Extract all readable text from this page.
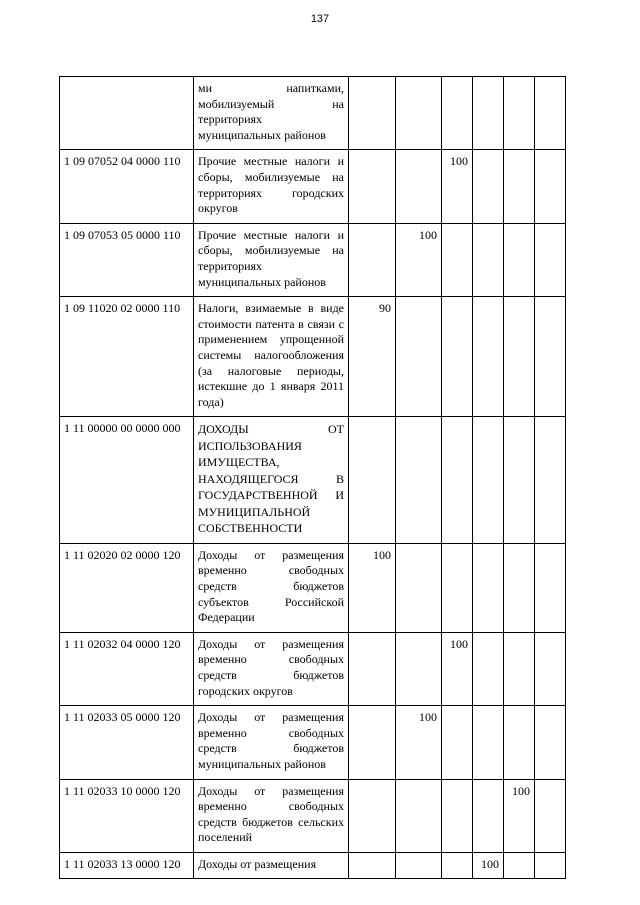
137
	ми напитками, мобилизуемый на территориях муниципальных районов						
1 09 07052 04 0000 110	Прочие местные налоги и сборы, мобилизуемые на территориях городских округов			100			
1 09 07053 05 0000 110	Прочие местные налоги и сборы, мобилизуемые на территориях муниципальных районов		100				
1 09 11020 02 0000 110	Налоги, взимаемые в виде стоимости патента в связи с применением упрощенной системы налогообложения (за налоговые периоды, истекшие до 1 января 2011 года)	90					
1 11 00000 00 0000 000	ДОХОДЫ ОТ ИСПОЛЬЗОВАНИЯ ИМУЩЕСТВА, НАХОДЯЩЕГОСЯ В ГОСУДАРСТВЕННОЙ И МУНИЦИПАЛЬНОЙ СОБСТВЕННОСТИ						
1 11 02020 02 0000 120	Доходы от размещения временно свободных средств бюджетов субъектов Российской Федерации	100					
1 11 02032 04 0000 120	Доходы от размещения временно свободных средств бюджетов городских округов			100			
1 11 02033 05 0000 120	Доходы от размещения временно свободных средств бюджетов муниципальных районов		100				
1 11 02033 10 0000 120	Доходы от размещения временно свободных средств бюджетов сельских поселений					100	
1 11 02033 13 0000 120	Доходы от размещения				100		
